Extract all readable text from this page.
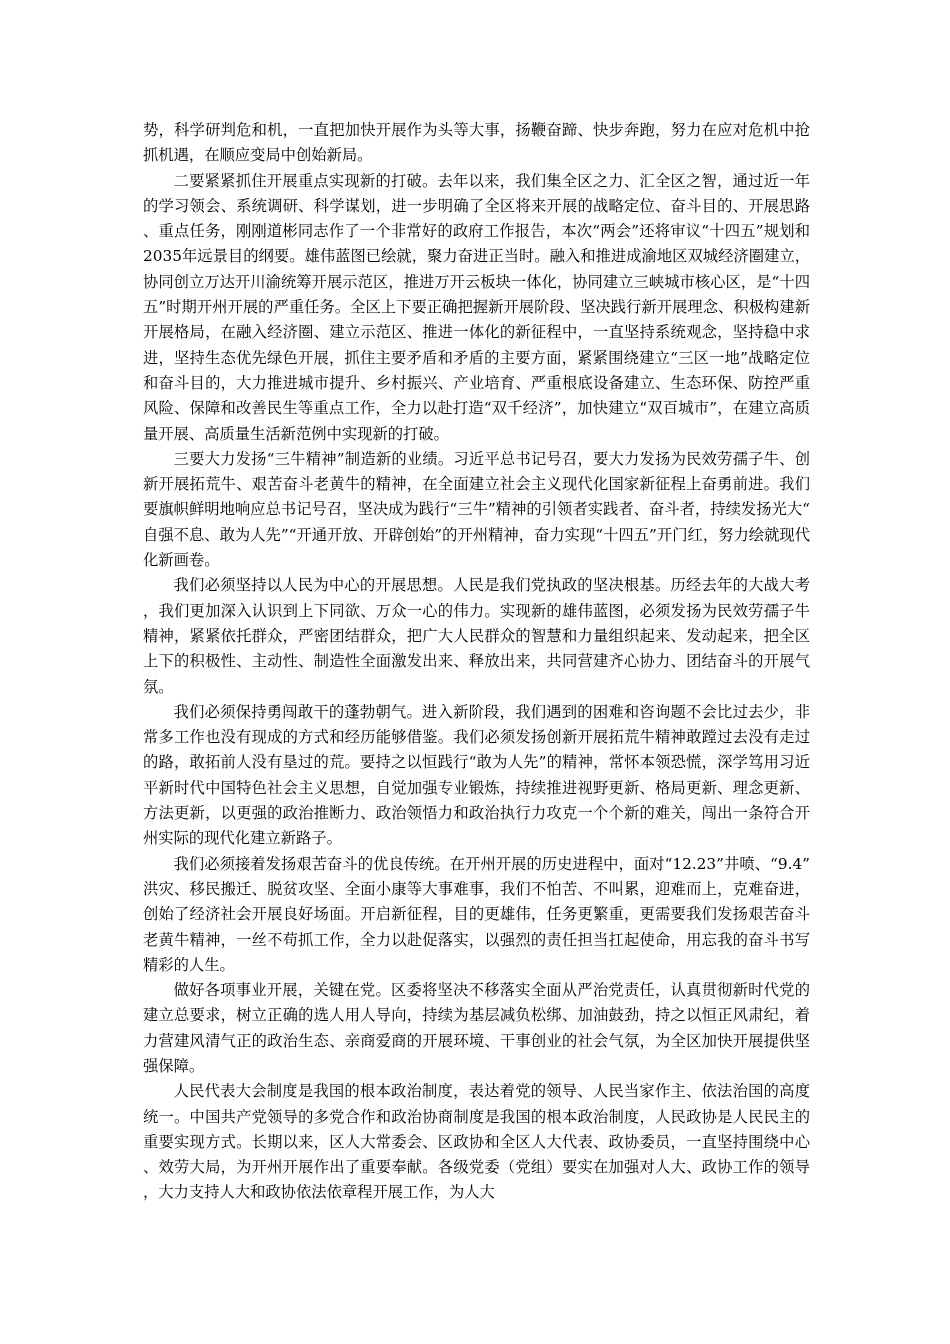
势，科学研判危和机，一直把加快开展作为头等大事，扬鞭奋蹄、快步奔跑，努力在应对危机中抢抓机遇，在顺应变局中创始新局。

二要紧紧抓住开展重点实现新的打破。去年以来，我们集全区之力、汇全区之智，通过近一年的学习领会、系统调研、科学谋划，进一步明确了全区将来开展的战略定位、奋斗目的、开展思路、重点任务，刚刚道彬同志作了一个非常好的政府工作报告，本次“两会”还将审议“十四五”规划和2035年远景目的纲要。雄伟蓝图已绘就，聚力奋进正当时。融入和推进成渝地区双城经济圈建立，协同创立万达开川渝统筹开展示范区，推进万开云板块一体化，协同建立三峡城市核心区，是“十四五”时期开州开展的严重任务。全区上下要正确把握新开展阶段、坚决践行新开展理念、积极构建新开展格局，在融入经济圈、建立示范区、推进一体化的新征程中，一直坚持系统观念，坚持稳中求进，坚持生态优先绿色开展，抓住主要矛盾和矛盾的主要方面，紧紧围绕建立“三区一地”战略定位和奋斗目的，大力推进城市提升、乡村振兴、产业培育、严重根底设备建立、生态环保、防控严重风险、保障和改善民生等重点工作，全力以赴打造“双千经济”，加快建立“双百城市”，在建立高质量开展、高质量生活新范例中实现新的打破。

三要大力发扬“三牛精神”制造新的业绩。习近平总书记号召，要大力发扬为民效劳孺子牛、创新开展拓荒牛、艰苦奋斗老黄牛的精神，在全面建立社会主义现代化国家新征程上奋勇前进。我们要旗帜鲜明地响应总书记号召，坚决成为践行“三牛”精神的引领者实践者、奋斗者，持续发扬光大“自强不息、敢为人先”“开通开放、开辟创始”的开州精神，奋力实现“十四五”开门红，努力绘就现代化新画卷。

我们必须坚持以人民为中心的开展思想。人民是我们党执政的坚决根基。历经去年的大战大考，我们更加深入认识到上下同欲、万众一心的伟力。实现新的雄伟蓝图，必须发扬为民效劳孺子牛精神，紧紧依托群众，严密团结群众，把广大人民群众的智慧和力量组织起来、发动起来，把全区上下的积极性、主动性、制造性全面激发出来、释放出来，共同营建齐心协力、团结奋斗的开展气氛。

我们必须保持勇闯敢干的蓬勃朝气。进入新阶段，我们遇到的困难和咨询题不会比过去少，非常多工作也没有现成的方式和经历能够借鉴。我们必须发扬创新开展拓荒牛精神敢蹚过去没有走过的路，敢拓前人没有垦过的荒。要持之以恒践行“敢为人先”的精神，常怀本领恐慌，深学笃用习近平新时代中国特色社会主义思想，自觉加强专业锻炼，持续推进视野更新、格局更新、理念更新、方法更新，以更强的政治推断力、政治领悟力和政治执行力攻克一个个新的难关，闯出一条符合开州实际的现代化建立新路子。

我们必须接着发扬艰苦奋斗的优良传统。在开州开展的历史进程中，面对“12.23”井喷、“9.4”洪灾、移民搬迁、脱贫攻坚、全面小康等大事难事，我们不怕苦、不叫累，迎难而上，克难奋进，创始了经济社会开展良好场面。开启新征程，目的更雄伟，任务更繁重，更需要我们发扬艰苦奋斗老黄牛精神，一丝不苟抓工作，全力以赴促落实，以强烈的责任担当扛起使命，用忘我的奋斗书写精彩的人生。

做好各项事业开展，关键在党。区委将坚决不移落实全面从严治党责任，认真贯彻新时代党的建立总要求，树立正确的选人用人导向，持续为基层减负松绑、加油鼓劲，持之以恒正风肃纪，着力营建风清气正的政治生态、亲商爱商的开展环境、干事创业的社会气氛，为全区加快开展提供坚强保障。

人民代表大会制度是我国的根本政治制度，表达着党的领导、人民当家作主、依法治国的高度统一。中国共产党领导的多党合作和政治协商制度是我国的根本政治制度，人民政协是人民民主的重要实现方式。长期以来，区人大常委会、区政协和全区人大代表、政协委员，一直坚持围绕中心、效劳大局，为开州开展作出了重要奉献。各级党委（党组）要实在加强对人大、政协工作的领导，大力支持人大和政协依法依章程开展工作，为人大
